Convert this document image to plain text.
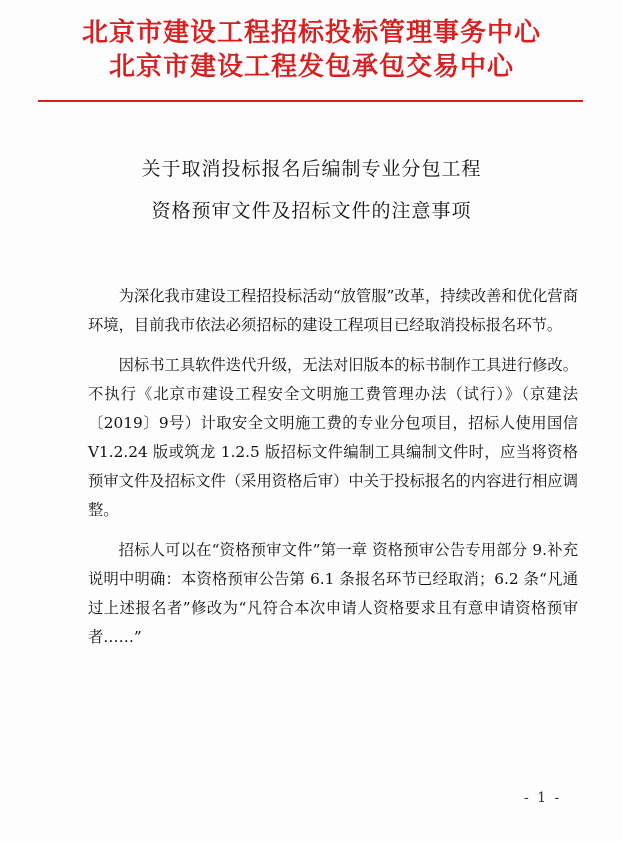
北京市建设工程招标投标管理事务中心
北京市建设工程发包承包交易中心
关于取消投标报名后编制专业分包工程
资格预审文件及招标文件的注意事项

为深化我市建设工程招投标活动“放管服”改革，持续改善和优化营商环境，目前我市依法必须招标的建设工程项目已经取消投标报名环节。

因标书工具软件迭代升级，无法对旧版本的标书制作工具进行修改。不执行《北京市建设工程安全文明施工费管理办法（试行）》（京建法〔2019〕9号）计取安全文明施工费的专业分包项目，招标人使用国信 V1.2.24 版或筑龙 1.2.5 版招标文件编制工具编制文件时，应当将资格预审文件及招标文件（采用资格后审）中关于投标报名的内容进行相应调整。

招标人可以在“资格预审文件”第一章 资格预审公告专用部分 9.补充说明中明确：本资格预审公告第 6.1 条报名环节已经取消；6.2 条“凡通过上述报名者”修改为“凡符合本次申请人资格要求且有意申请资格预审者……”

- 1 -
